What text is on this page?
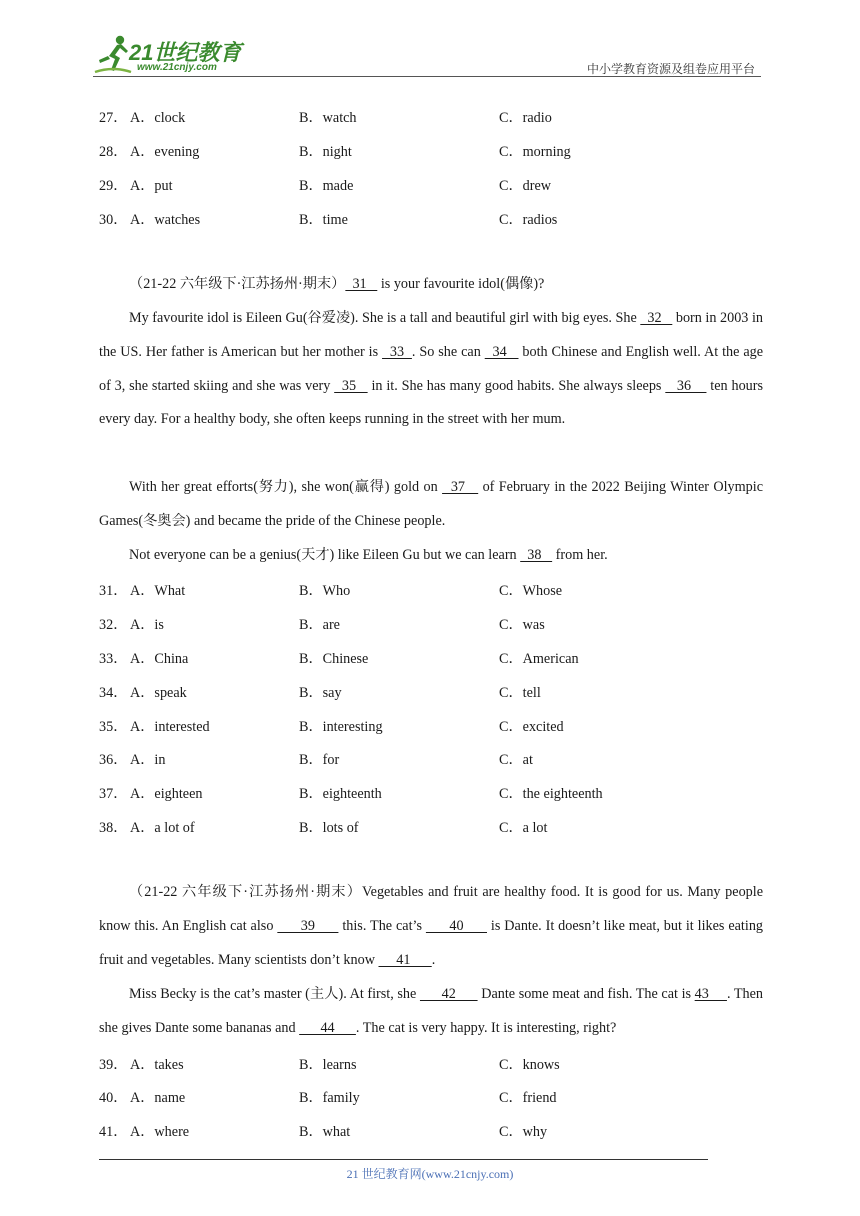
21世纪教育
www.21cnjy.com	中小学教育资源及组卷应用平台
27． A．clock	B．watch	C．radio
28． A．evening	B．night	C．morning
29． A．put	B．made	C．drew
30． A．watches	B．time	C．radios
（21-22 六年级下·江苏扬州·期末）  31    is your favourite idol(偶像)?
My favourite idol is Eileen Gu(谷爱凌). She is a tall and beautiful girl with big eyes. She   32    born in 2003 in the US. Her father is American but her mother is   33  . So she can   34    both Chinese and English well. At the age of 3, she started skiing and she was very   35    in it. She has many good habits. She always sleeps    36     ten hours every day. For a healthy body, she often keeps running in the street with her mum.
With her great efforts(努力), she won(赢得) gold on   37    of February in the 2022 Beijing Winter Olympic Games(冬奥会) and became the pride of the Chinese people.
Not everyone can be a genius(天才) like Eileen Gu but we can learn   38    from her.
31． A．What	B．Who	C．Whose
32． A．is	B．are	C．was
33． A．China	B．Chinese	C．American
34． A．speak	B．say	C．tell
35． A．interested	B．interesting	C．excited
36． A．in	B．for	C．at
37． A．eighteen	B．eighteenth	C．the eighteenth
38． A．a lot of	B．lots of	C．a lot
（21-22 六年级下·江苏扬州·期末）Vegetables and fruit are healthy food. It is good for us. Many people know this. An English cat also       39       this. The cat’s       40       is Dante. It doesn’t like meat, but it likes eating fruit and vegetables. Many scientists don’t know      41      .
Miss Becky is the cat’s master (主人). At first, she       42       Dante some meat and fish. The cat is 43     . Then she gives Dante some bananas and       44      . The cat is very happy. It is interesting, right?
39． A．takes	B．learns	C．knows
40． A．name	B．family	C．friend
41． A．where	B．what	C．why
21 世纪教育网(www.21cnjy.com)
